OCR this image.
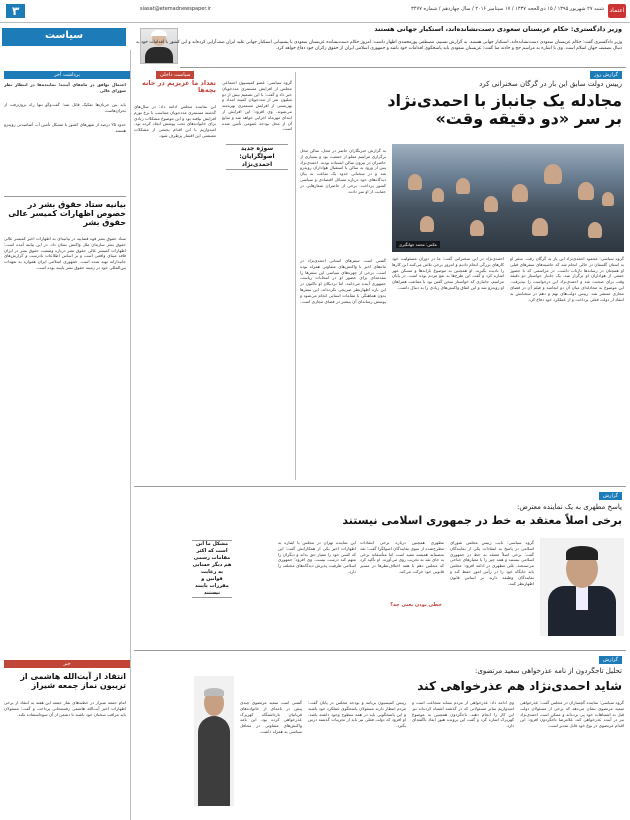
اعتماد
شنبه ۲۷ شهریور ۱۳۹۵ / ۱۵ ذی‌الحجه ۱۴۳۷ / ۱۷ سپتامبر ۲۰۱۶ / سال چهاردهم / شماره ۳۴۷۷
siasat@etemadnewspaper.ir
۳
سیاست
وزیر دادگستری: حکام عربستان سعودی دست‌نشانده‌اند، استکبار جهانی هستند
وزیر دادگستری گفت: حکام عربستان سعودی دست‌نشانده‌اند، استکبار جهانی هستند. به گزارش تسنیم، مصطفی پورمحمدی اظهار داشت: امروز حکام دست‌نشانده عربستان سعودی با پشتیبانی استکبار جهانی علیه ایران صف‌آرایی کرده‌اند و این کشور با اقدامات خود به دنبال تضعیف جهان اسلام است. وی با اشاره به مراسم حج و حادثه منا گفت: عربستان سعودی باید پاسخگوی اقدامات خود باشد و جمهوری اسلامی ایران از حقوق زائران خود دفاع خواهد کرد.
گزارش روز
رییس دولت سابق این بار در گرگان سخنرانی کرد
مجادله یک جانباز با احمدی‌نژاد بر سر «دو دقیقه وقت»
عکس: محمد جهانگیری
به گزارش خبرنگاران حاضر در محل، سالن محل برگزاری مراسم مملو از جمعیت بود و بسیاری از حاضران در بیرون سالن ایستاده بودند. احمدی‌نژاد پس از ورود به سالن با استقبال هواداران روبه‌رو شد و در سخنانی حدود یک ساعت به بیان دیدگاه‌های خود درباره مسائل اقتصادی و سیاسی کشور پرداخت. برخی از حاضران شعارهایی در حمایت از او سر دادند.
گروه سیاسی: محمود احمدی‌نژاد این بار به گرگان رفت. سفر او به استان گلستان در حالی انجام شد که حاشیه‌های سفرهای قبلی او همچنان در رسانه‌ها بازتاب داشت. در مراسمی که با حضور جمعی از هواداران او برگزار شد، یک جانباز خواستار دو دقیقه وقت برای صحبت شد و احمدی‌نژاد این درخواست را نپذیرفت. این موضوع به مجادله‌ای میان آن دو انجامید و فیلم آن در فضای مجازی منتشر شد. رییس دولت‌های نهم و دهم در سخنانش به انتقاد از دولت فعلی پرداخت و از عملکرد خود دفاع کرد.
احمدی‌نژاد در این سخنرانی گفت: ما در دوران مسئولیت خود کارهای بزرگی انجام دادیم و امروز برخی تلاش می‌کنند این کارها را نادیده بگیرند. او همچنین به موضوع یارانه‌ها و مسکن مهر اشاره کرد و گفت این طرح‌ها به نفع مردم بوده است. در پایان مراسم، جانبازی که خواستار سخن گفتن بود با ممانعت همراهان او روبه‌رو شد و این اتفاق واکنش‌های زیادی را به دنبال داشت.
گفتنی است سفرهای استانی احمدی‌نژاد در ماه‌های اخیر با واکنش‌های متفاوتی همراه بوده است. برخی از چهره‌های سیاسی این سفرها را مقدمه‌ای برای حضور او در انتخابات ریاست جمهوری آینده می‌دانند، اما نزدیکان او تاکنون در این باره اظهارنظر صریحی نکرده‌اند. این سفرها بدون هماهنگی با مقامات استانی انجام می‌شود و پوشش رسانه‌ای آن بیشتر در فضای مجازی است.
سیاست داخلی
تعداد ما عزیزیم در خانه بچه‌ها
گروه سیاسی: عضو کمیسیون اجتماعی مجلس از افزایش مستمری مددجویان خبر داد و گفت: با این تصمیم بیش از دو میلیون نفر از مددجویان کمیته امداد و بهزیستی از افزایش مستمری بهره‌مند می‌شوند. وی افزود: این افزایش از ابتدای مهرماه اجرایی خواهد شد و منابع آن از محل بودجه عمومی تأمین شده است.
این نماینده مجلس ادامه داد: در سال‌های گذشته مستمری مددجویان متناسب با نرخ تورم افزایش نیافته بود و این موضوع مشکلات زیادی برای خانواده‌های تحت پوشش ایجاد کرده بود. امیدواریم با این اقدام بخشی از مشکلات معیشتی این اقشار برطرف شود.
سوژه جدید اصولگرایان: احمدی‌نژاد
گزارش
پاسخ مطهری به یک نماینده معترض:
برخی اصلاً معتقد به خط در جمهوری اسلامی نیستند
گروه سیاسی: نایب رییس مجلس شورای اسلامی در پاسخ به انتقادات یکی از نمایندگان گفت: برخی اصلاً معتقد به خط در جمهوری اسلامی نیستند و همه چیز را با معیارهای جناحی می‌سنجند. علی مطهری در ادامه افزود: مجلس باید جایگاه خود را در رأس امور حفظ کند و نمایندگان وظیفه دارند بر اساس قانون اظهارنظر کنند.
مطهری همچنین درباره برخی انتقادات مطرح‌شده از سوی نمایندگان اصولگرا گفت: نقد منصفانه همیشه مفید است اما متأسفانه برخی به جای نقد به تخریب روی می‌آورند. او تأکید کرد که مجلس دهم با همه اختلاف‌نظرها در مسیر قانونی خود حرکت می‌کند.
این نماینده تهران در مجلس با اشاره به اظهارات اخیر یکی از همکارانش گفت: این که کسی خود را معیار حق بداند و دیگران را متهم کند درست نیست. وی افزود: جمهوری اسلامی ظرفیت پذیرش دیدگاه‌های مختلف را دارد.
خطی بودن یعنی چه؟
مشکل ما این است که اکثر مقامات رسمی هم دیگر حسابی به رعایت قوانین و مقررات پایبند نیستند
گزارش
تحلیل تاجگردون از نامه عذرخواهی سعید مرتضوی:
شاید احمدی‌نژاد هم عذرخواهی کند
گروه سیاسی: نماینده گچساران در مجلس گفت: عذرخواهی سعید مرتضوی نشان می‌دهد که برخی از مسئولان دولت قبل به اشتباهات خود پی برده‌اند و ممکن است احمدی‌نژاد نیز در آینده عذرخواهی کند. غلامرضا تاجگردون افزود: این اقدام مرتضوی در نوع خود قابل تقدیر است.
وی ادامه داد: عذرخواهی از مردم نشانه شجاعت است و امیدواریم سایر مسئولانی که در گذشته اشتباه کرده‌اند نیز این کار را انجام دهند. تاجگردون همچنین به موضوع کهریزک اشاره کرد و گفت این پرونده هنوز ابعاد ناگفته‌ای دارد.
رییس کمیسیون برنامه و بودجه مجلس در پایان گفت: مردم انتظار دارند مسئولان پاسخگوی عملکرد خود باشند و این پاسخگویی باید در همه سطوح وجود داشته باشد. او افزود که دولت فعلی نیز باید از تجربیات گذشته درس بگیرد.
گفتنی است سعید مرتضوی چندی پیش در نامه‌ای از خانواده‌های قربانیان بازداشتگاه کهریزک عذرخواهی کرده بود. این نامه واکنش‌های متفاوتی در محافل سیاسی به همراه داشت.
برداشت آخر
احتمال توافق در ماه‌های آینده؛ نماینده‌ها در انتظار نظر شورای عالی
باید بین جریان‌ها تفکیک قائل شد؛ گفت‌وگو تنها راه برون‌رفت از بحران‌هاست
حدود ۲۵ درصد از شهرهای کشور با مشکل تأمین آب آشامیدنی روبه‌رو هستند
بیانیه ستاد حقوق بشر در خصوص اظهارات کمیسر عالی حقوق بشر
ستاد حقوق بشر قوه قضاییه در بیانیه‌ای به اظهارات اخیر کمیسر عالی حقوق بشر سازمان ملل واکنش نشان داد. در این بیانیه آمده است: اظهارات کمیسر عالی حقوق بشر درباره وضعیت حقوق بشر در ایران فاقد مبنای واقعی است و بر اساس اطلاعات نادرست و گزارش‌های جانبدارانه تهیه شده است. جمهوری اسلامی ایران همواره به تعهدات بین‌المللی خود در زمینه حقوق بشر پایبند بوده است.
خبر
انتقاد از آیت‌الله هاشمی از تریبون نماز جمعه شیراز
امام جمعه شیراز در خطبه‌های نماز جمعه این هفته به انتقاد از برخی اظهارات اخیر آیت‌الله هاشمی رفسنجانی پرداخت و گفت: مسئولان باید مراقب سخنان خود باشند تا دشمن از آن سوءاستفاده نکند.
